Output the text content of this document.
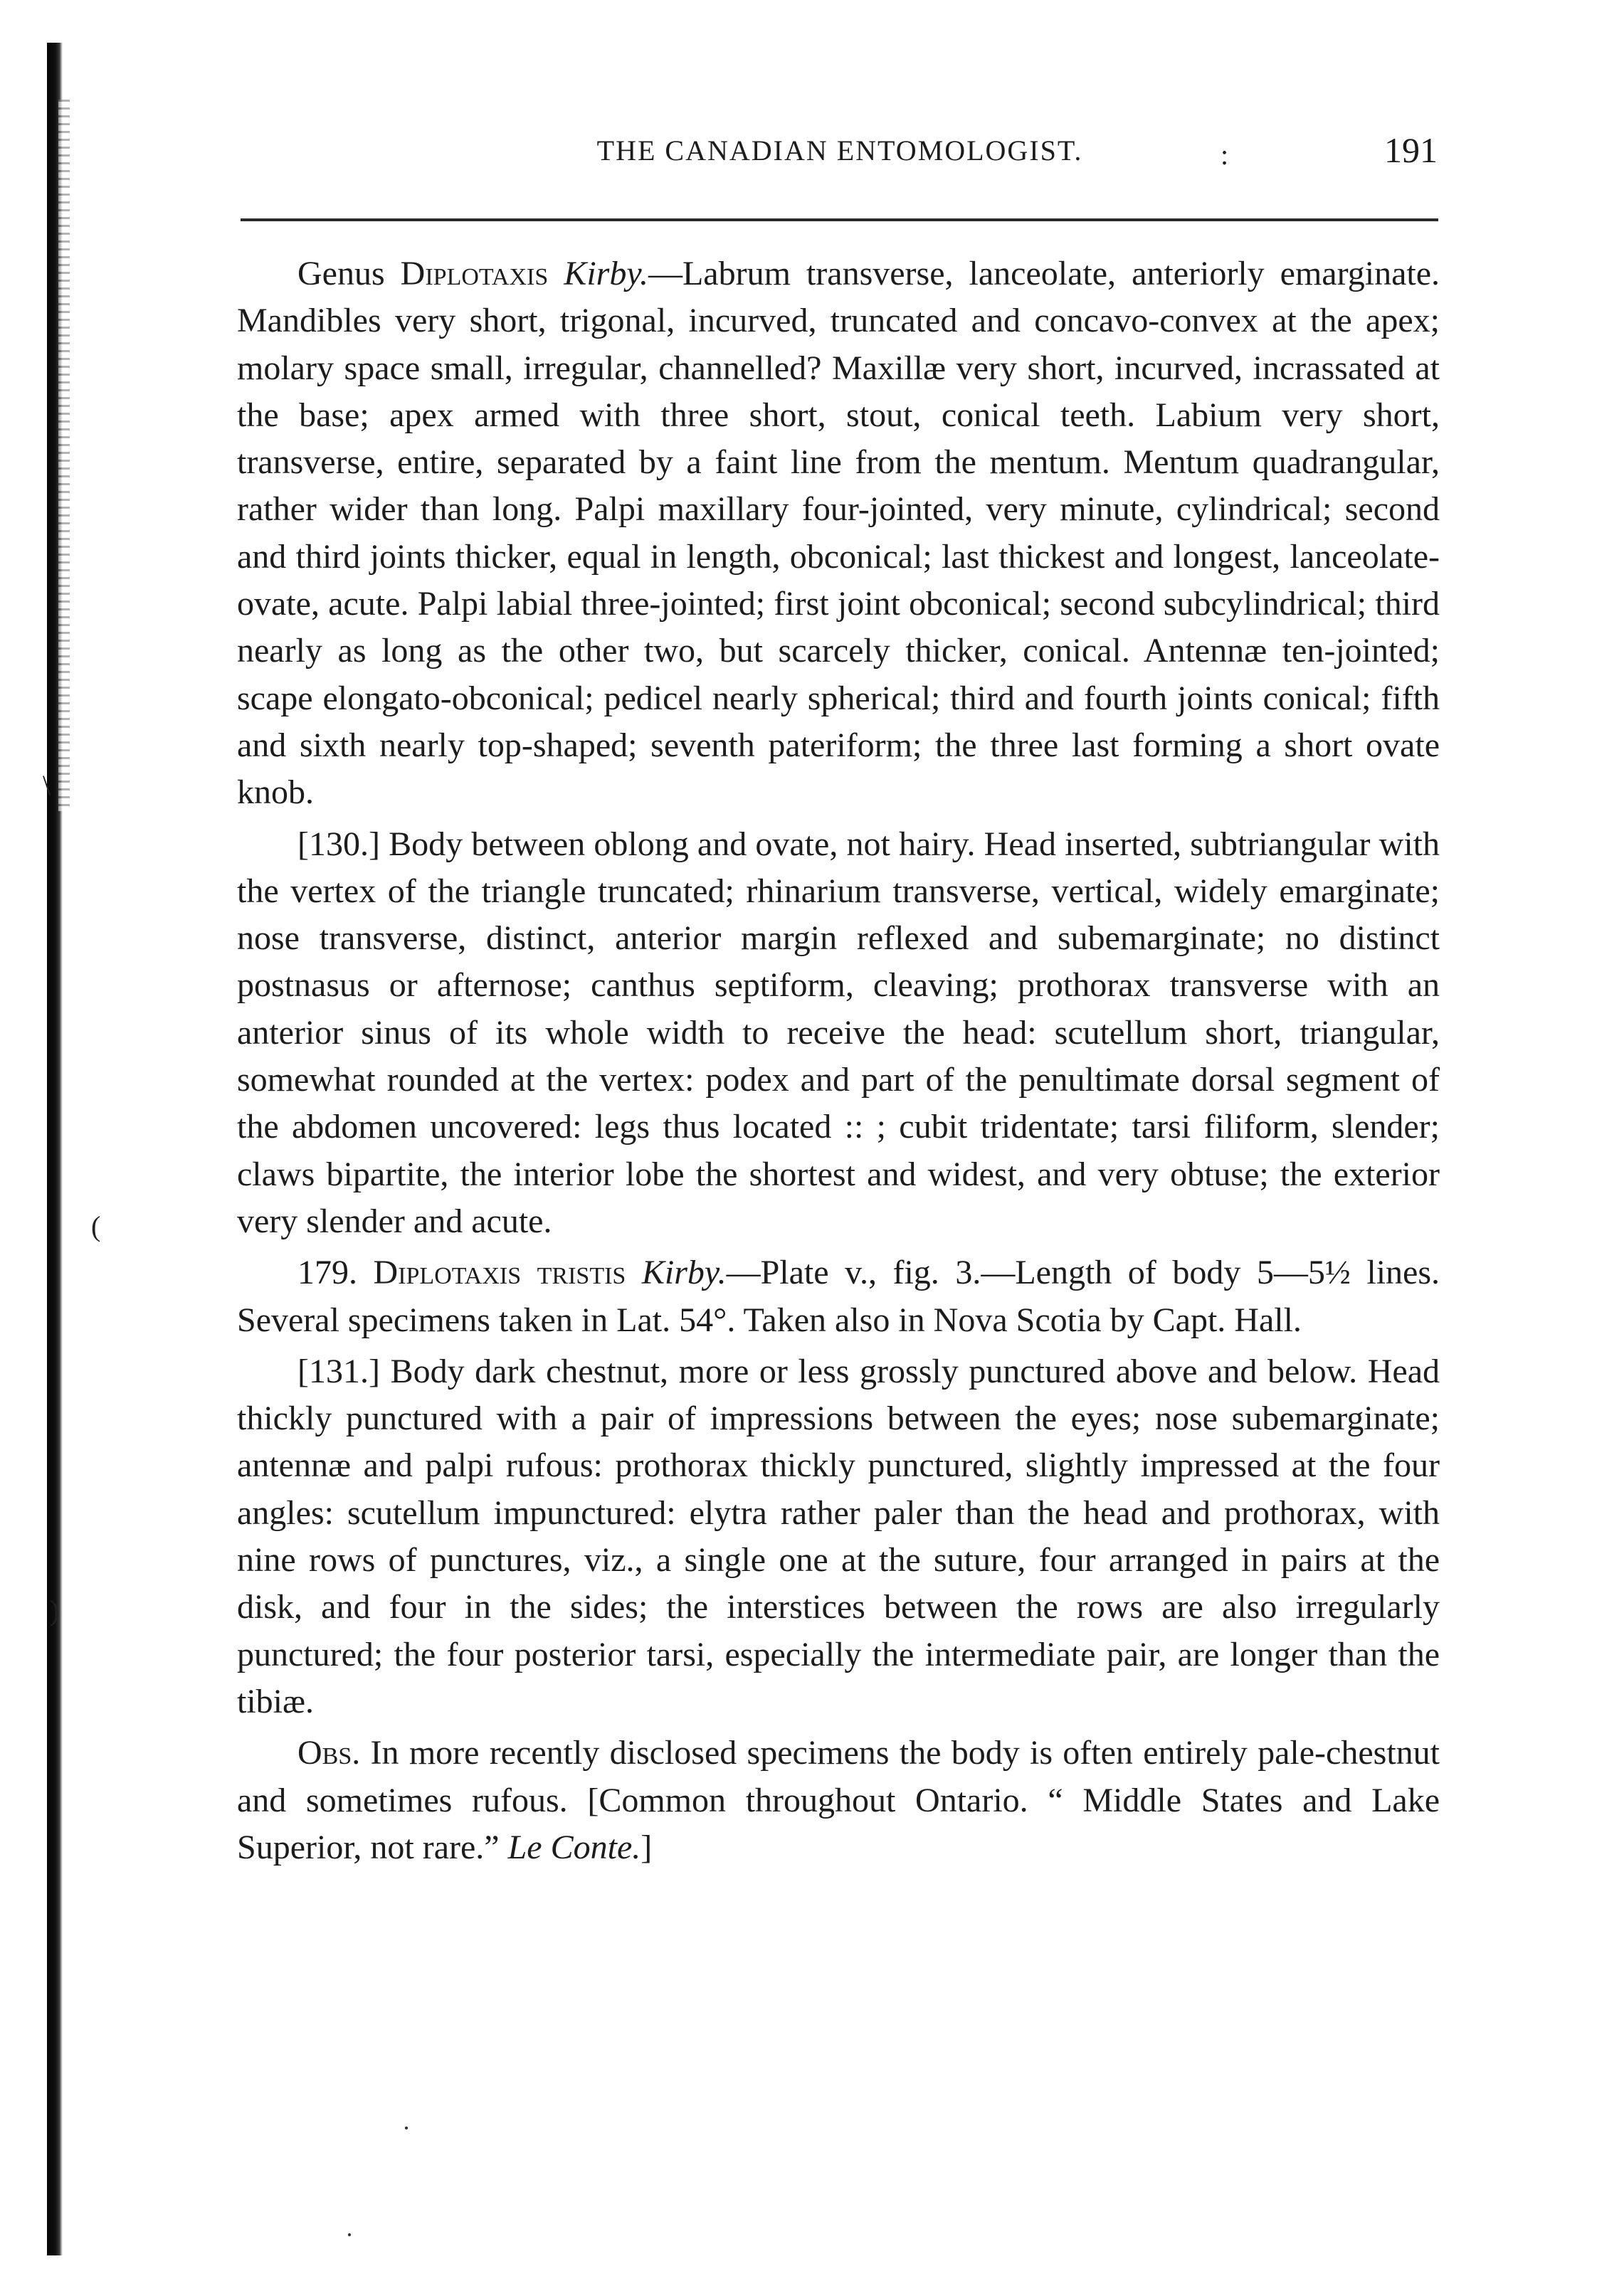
\
(
)
THE CANADIAN ENTOMOLOGIST.	:	191

Genus Diplotaxis Kirby.—Labrum transverse, lanceolate, anteriorly emarginate. Mandibles very short, trigonal, incurved, truncated and concavo-convex at the apex; molary space small, irregular, channelled? Maxillæ very short, incurved, incrassated at the base; apex armed with three short, stout, conical teeth. Labium very short, transverse, entire, separated by a faint line from the mentum. Mentum quadrangular, rather wider than long. Palpi maxillary four-jointed, very minute, cylindrical; second and third joints thicker, equal in length, obconical; last thickest and longest, lanceolate-ovate, acute. Palpi labial three-jointed; first joint obconical; second subcylindrical; third nearly as long as the other two, but scarcely thicker, conical. Antennæ ten-jointed; scape elongato-obconical; pedicel nearly spherical; third and fourth joints conical; fifth and sixth nearly top-shaped; seventh pateriform; the three last forming a short ovate knob.

[130.] Body between oblong and ovate, not hairy. Head inserted, subtriangular with the vertex of the triangle truncated; rhinarium transverse, vertical, widely emarginate; nose transverse, distinct, anterior margin reflexed and subemarginate; no distinct postnasus or afternose; canthus septiform, cleaving; prothorax transverse with an anterior sinus of its whole width to receive the head: scutellum short, triangular, somewhat rounded at the vertex: podex and part of the penultimate dorsal segment of the abdomen uncovered: legs thus located :: ; cubit tridentate; tarsi filiform, slender; claws bipartite, the interior lobe the shortest and widest, and very obtuse; the exterior very slender and acute.

179. Diplotaxis tristis Kirby.—Plate v., fig. 3.—Length of body 5—5½ lines. Several specimens taken in Lat. 54°. Taken also in Nova Scotia by Capt. Hall.

[131.] Body dark chestnut, more or less grossly punctured above and below. Head thickly punctured with a pair of impressions between the eyes; nose subemarginate; antennæ and palpi rufous: prothorax thickly punctured, slightly impressed at the four angles: scutellum impunctured: elytra rather paler than the head and prothorax, with nine rows of punctures, viz., a single one at the suture, four arranged in pairs at the disk, and four in the sides; the interstices between the rows are also irregularly punctured; the four posterior tarsi, especially the intermediate pair, are longer than the tibiæ.

Obs. In more recently disclosed specimens the body is often entirely pale-chestnut and sometimes rufous. [Common throughout Ontario. “ Middle States and Lake Superior, not rare.” Le Conte.]

·
·
